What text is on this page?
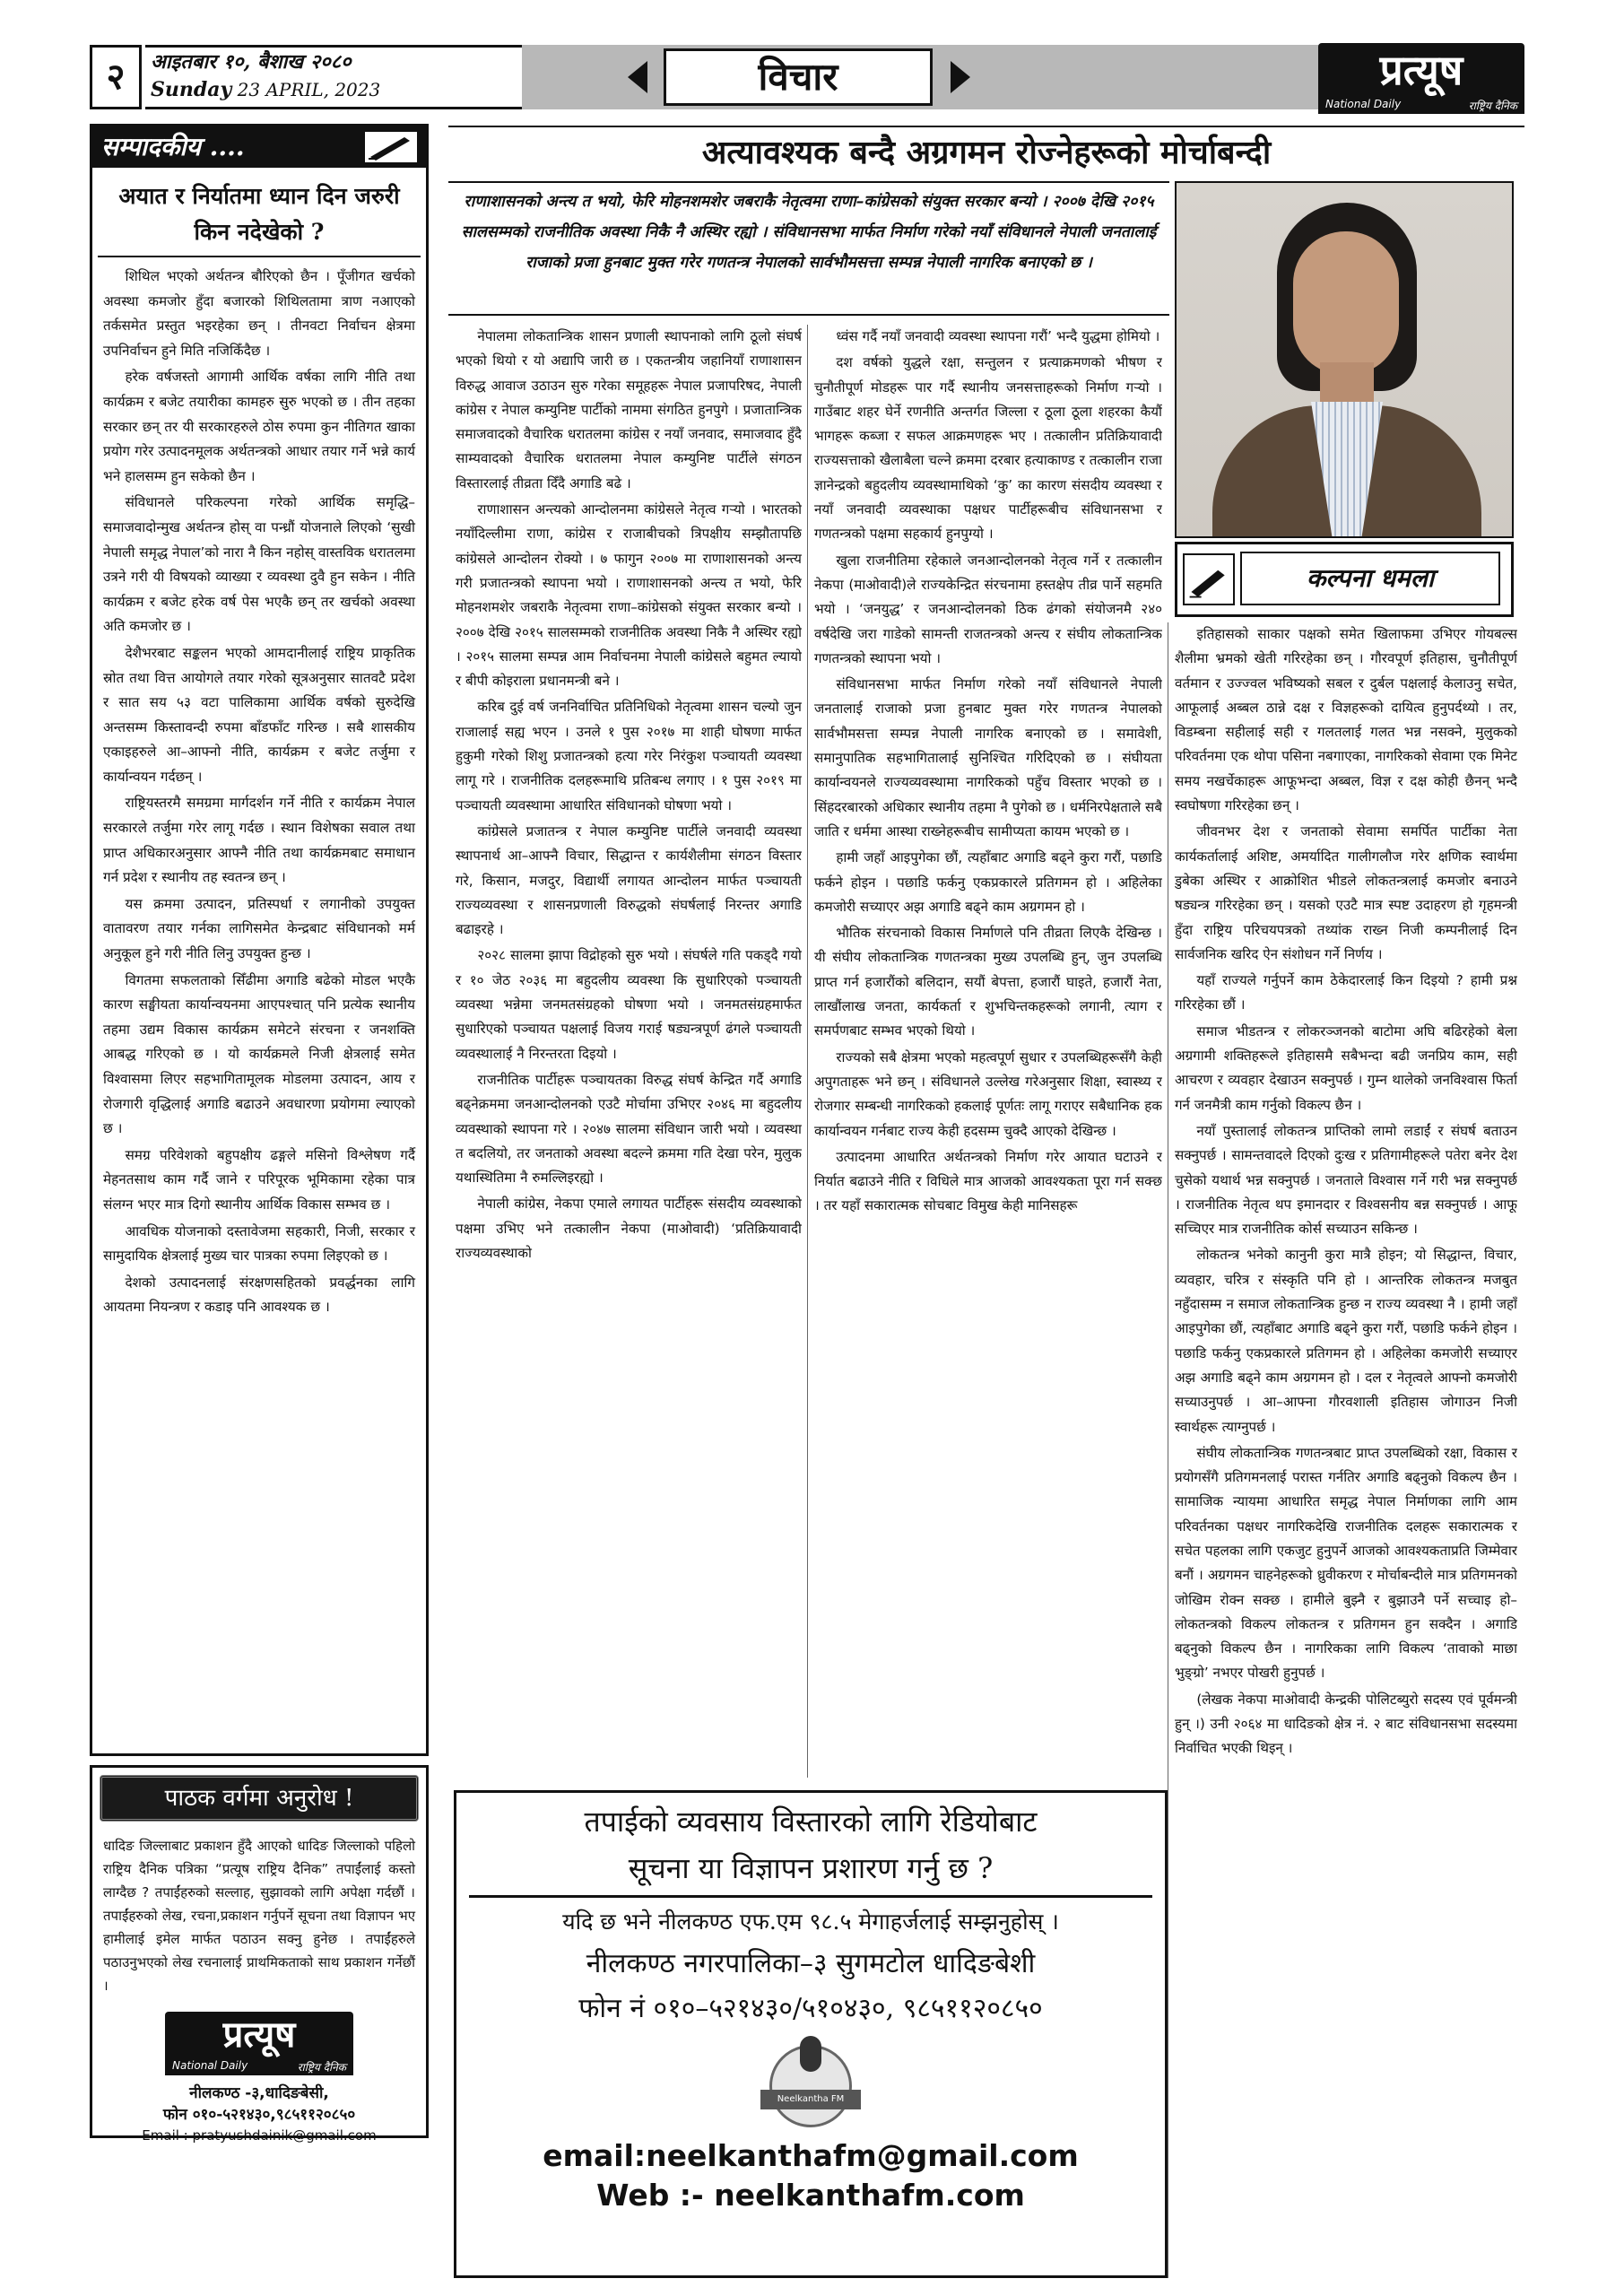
२	आइतबार १०, बैशाख २०८०
Sunday 23 APRIL, 2023	विचार	प्रत्यूष
National Daily	राष्ट्रिय दैनिक
सम्पादकीय ....
अयात र निर्यातमा ध्यान दिन जरुरी किन नदेखेको ?

शिथिल भएको अर्थतन्त्र बौरिएको छैन । पूँजीगत खर्चको अवस्था कमजोर हुँदा बजारको शिथिलतामा त्राण नआएको तर्कसमेत प्रस्तुत भइरहेका छन् । तीनवटा निर्वाचन क्षेत्रमा उपनिर्वाचन हुने मिति नजिकिँदैछ ।

हरेक वर्षजस्तो आगामी आर्थिक वर्षका लागि नीति तथा कार्यक्रम र बजेट तयारीका कामहरु सुरु भएको छ । तीन तहका सरकार छन् तर यी सरकारहरुले ठोस रुपमा कुन नीतिगत खाका प्रयोग गरेर उत्पादनमूलक अर्थतन्त्रको आधार तयार गर्ने भन्ने कार्य भने हालसम्म हुन सकेको छैन ।

संविधानले परिकल्पना गरेको आर्थिक समृद्धि–समाजवादोन्मुख अर्थतन्त्र होस् वा पन्ध्रौं योजनाले लिएको ‘सुखी नेपाली समृद्ध नेपाल’को नारा नै किन नहोस् वास्तविक धरातलमा उत्रने गरी यी विषयको व्याख्या र व्यवस्था दुवै हुन सकेन । नीति कार्यक्रम र बजेट हरेक वर्ष पेस भएकै छन् तर खर्चको अवस्था अति कमजोर छ ।

देशैभरबाट सङ्कलन भएको आमदानीलाई राष्ट्रिय प्राकृतिक स्रोत तथा वित्त आयोगले तयार गरेको सूत्रअनुसार सातवटै प्रदेश र सात सय ५३ वटा पालिकामा आर्थिक वर्षको सुरुदेखि अन्तसम्म किस्तावन्दी रुपमा बाँडफाँट गरिन्छ । सबै शासकीय एकाइहरुले आ–आफ्नो नीति, कार्यक्रम र बजेट तर्जुमा र कार्यान्वयन गर्दछन् ।

राष्ट्रियस्तरमै समग्रमा मार्गदर्शन गर्ने नीति र कार्यक्रम नेपाल सरकारले तर्जुमा गरेर लागू गर्दछ । स्थान विशेषका सवाल तथा प्राप्त अधिकारअनुसार आफ्नै नीति तथा कार्यक्रमबाट समाधान गर्न प्रदेश र स्थानीय तह स्वतन्त्र छन् ।

यस क्रममा उत्पादन, प्रतिस्पर्धा र लगानीको उपयुक्त वातावरण तयार गर्नका लागिसमेत केन्द्रबाट संविधानको मर्म अनुकूल हुने गरी नीति लिनु उपयुक्त हुन्छ ।

विगतमा सफलताको सिँढीमा अगाडि बढेको मोडल भएकै कारण सङ्घीयता कार्यान्वयनमा आएपश्चात् पनि प्रत्येक स्थानीय तहमा उद्यम विकास कार्यक्रम समेटने संरचना र जनशक्ति आबद्ध गरिएको छ । यो कार्यक्रमले निजी क्षेत्रलाई समेत विश्वासमा लिएर सहभागितामूलक मोडलमा उत्पादन, आय र रोजगारी वृद्धिलाई अगाडि बढाउने अवधारणा प्रयोगमा ल्याएको छ ।

समग्र परिवेशको बहुपक्षीय ढङ्गले मसिनो विश्लेषण गर्दै मेहनतसाथ काम गर्दै जाने र परिपूरक भूमिकामा रहेका पात्र संलग्न भएर मात्र दिगो स्थानीय आर्थिक विकास सम्भव छ ।

आवधिक योजनाको दस्तावेजमा सहकारी, निजी, सरकार र सामुदायिक क्षेत्रलाई मुख्य चार पात्रका रुपमा लिइएको छ ।

देशको उत्पादनलाई संरक्षणसहितको प्रवर्द्धनका लागि आयतमा नियन्त्रण र कडाइ पनि आवश्यक छ ।

पाठक वर्गमा अनुरोध !
धादिङ जिल्लाबाट प्रकाशन हुँदै आएको धादिङ जिल्लाको पहिलो राष्ट्रिय दैनिक पत्रिका “प्रत्यूष राष्ट्रिय दैनिक” तपाईंलाई कस्तो लाग्दैछ ? तपाईंहरुको सल्लाह, सुझावको लागि अपेक्षा गर्दछौं । तपाईंहरुको लेख, रचना,प्रकाशन गर्नुपर्ने सूचना तथा विज्ञापन भए हामीलाई इमेल मार्फत पठाउन सक्नु हुनेछ । तपाईंहरुले पठाउनुभएको लेख रचनालाई प्राथमिकताको साथ प्रकाशन गर्नेछौं ।
प्रत्यूष
National Daily	राष्ट्रिय दैनिक
नीलकण्ठ -३,धादिङबेसी,
फोन ०१०-५२१४३०,९८५११२०८५०
Email : pratyushdainik@gmail.com
अत्यावश्यक बन्दै अग्रगमन रोज्नेहरूको मोर्चाबन्दी
राणाशासनको अन्त्य त भयो, फेरि मोहनशमशेर जबराकै नेतृत्वमा राणा–कांग्रेसको संयुक्त सरकार बन्यो । २००७ देखि २०१५ सालसम्मको राजनीतिक अवस्था निकै नै अस्थिर रह्यो । संविधानसभा मार्फत निर्माण गरेको नयाँ संविधानले नेपाली जनतालाई राजाको प्रजा हुनबाट मुक्त गरेर गणतन्त्र नेपालको सार्वभौमसत्ता सम्पन्न नेपाली नागरिक बनाएको छ ।
कल्पना धमला

नेपालमा लोकतान्त्रिक शासन प्रणाली स्थापनाको लागि ठूलो संघर्ष भएको थियो र यो अद्यापि जारी छ । एकतन्त्रीय जहानियाँ राणाशासन विरुद्ध आवाज उठाउन सुरु गरेका समूहहरू नेपाल प्रजापरिषद, नेपाली कांग्रेस र नेपाल कम्युनिष्ट पार्टीको नाममा संगठित हुनपुगे । प्रजातान्त्रिक समाजवादको वैचारिक धरातलमा कांग्रेस र नयाँ जनवाद, समाजवाद हुँदै साम्यवादको वैचारिक धरातलमा नेपाल कम्युनिष्ट पार्टीले संगठन विस्तारलाई तीव्रता दिँदै अगाडि बढे ।

राणाशासन अन्त्यको आन्दोलनमा कांग्रेसले नेतृत्व गर्‍यो । भारतको नयाँदिल्लीमा राणा, कांग्रेस र राजाबीचको त्रिपक्षीय सम्झौतापछि कांग्रेसले आन्दोलन रोक्यो । ७ फागुन २००७ मा राणाशासनको अन्त्य गरी प्रजातन्त्रको स्थापना भयो । राणाशासनको अन्त्य त भयो, फेरि मोहनशमशेर जबराकै नेतृत्वमा राणा–कांग्रेसको संयुक्त सरकार बन्यो । २००७ देखि २०१५ सालसम्मको राजनीतिक अवस्था निकै नै अस्थिर रह्यो । २०१५ सालमा सम्पन्न आम निर्वाचनमा नेपाली कांग्रेसले बहुमत ल्यायो र बीपी कोइराला प्रधानमन्त्री बने ।

करिब दुई वर्ष जननिर्वाचित प्रतिनिधिको नेतृत्वमा शासन चल्यो जुन राजालाई सह्य भएन । उनले १ पुस २०१७ मा शाही घोषणा मार्फत हुकुमी गरेको शिशु प्रजातन्त्रको हत्या गरेर निरंकुश पञ्चायती व्यवस्था लागू गरे । राजनीतिक दलहरूमाथि प्रतिबन्ध लगाए । १ पुस २०१९ मा पञ्चायती व्यवस्थामा आधारित संविधानको घोषणा भयो ।

कांग्रेसले प्रजातन्त्र र नेपाल कम्युनिष्ट पार्टीले जनवादी व्यवस्था स्थापनार्थ आ–आफ्नै विचार, सिद्धान्त र कार्यशैलीमा संगठन विस्तार गरे, किसान, मजदुर, विद्यार्थी लगायत आन्दोलन मार्फत पञ्चायती राज्यव्यवस्था र शासनप्रणाली विरुद्धको संघर्षलाई निरन्तर अगाडि बढाइरहे ।

२०२८ सालमा झापा विद्रोहको सुरु भयो । संघर्षले गति पकड्दै गयो र १० जेठ २०३६ मा बहुदलीय व्यवस्था कि सुधारिएको पञ्चायती व्यवस्था भन्नेमा जनमतसंग्रहको घोषणा भयो । जनमतसंग्रहमार्फत सुधारिएको पञ्चायत पक्षलाई विजय गराई षड्यन्त्रपूर्ण ढंगले पञ्चायती व्यवस्थालाई नै निरन्तरता दिइयो ।

राजनीतिक पार्टीहरू पञ्चायतका विरुद्ध संघर्ष केन्द्रित गर्दै अगाडि बढ्नेक्रममा जनआन्दोलनको एउटै मोर्चामा उभिएर २०४६ मा बहुदलीय व्यवस्थाको स्थापना गरे । २०४७ सालमा संविधान जारी भयो । व्यवस्था त बदलियो, तर जनताको अवस्था बदल्ने क्रममा गति देखा परेन, मुलुक यथास्थितिमा नै रुमल्लिइरह्यो ।

नेपाली कांग्रेस, नेकपा एमाले लगायत पार्टीहरू संसदीय व्यवस्थाको पक्षमा उभिए भने तत्कालीन नेकपा (माओवादी) ‘प्रतिक्रियावादी राज्यव्यवस्थाको

ध्वंस गर्दै नयाँ जनवादी व्यवस्था स्थापना गरौं’ भन्दै युद्धमा होमियो ।

दश वर्षको युद्धले रक्षा, सन्तुलन र प्रत्याक्रमणको भीषण र चुनौतीपूर्ण मोडहरू पार गर्दै स्थानीय जनसत्ताहरूको निर्माण गर्‍यो । गाउँबाट शहर घेर्ने रणनीति अन्तर्गत जिल्ला र ठूला ठूला शहरका कैयौं भागहरू कब्जा र सफल आक्रमणहरू भए । तत्कालीन प्रतिक्रियावादी राज्यसत्ताको खैलाबैला चल्ने क्रममा दरबार हत्याकाण्ड र तत्कालीन राजा ज्ञानेन्द्रको बहुदलीय व्यवस्थामाथिको ‘कु’ का कारण संसदीय व्यवस्था र नयाँ जनवादी व्यवस्थाका पक्षधर पार्टीहरूबीच संविधानसभा र गणतन्त्रको पक्षमा सहकार्य हुनपुग्यो ।

खुला राजनीतिमा रहेकाले जनआन्दोलनको नेतृत्व गर्ने र तत्कालीन नेकपा (माओवादी)ले राज्यकेन्द्रित संरचनामा हस्तक्षेप तीव्र पार्ने सहमति भयो । ‘जनयुद्ध’ र जनआन्दोलनको ठिक ढंगको संयोजनमै २४० वर्षदेखि जरा गाडेको सामन्ती राजतन्त्रको अन्त्य र संघीय लोकतान्त्रिक गणतन्त्रको स्थापना भयो ।

संविधानसभा मार्फत निर्माण गरेको नयाँ संविधानले नेपाली जनतालाई राजाको प्रजा हुनबाट मुक्त गरेर गणतन्त्र नेपालको सार्वभौमसत्ता सम्पन्न नेपाली नागरिक बनाएको छ । समावेशी, समानुपातिक सहभागितालाई सुनिश्चित गरिदिएको छ । संघीयता कार्यान्वयनले राज्यव्यवस्थामा नागरिकको पहुँच विस्तार भएको छ । सिंहदरबारको अधिकार स्थानीय तहमा नै पुगेको छ । धर्मनिरपेक्षताले सबै जाति र धर्ममा आस्था राख्नेहरूबीच सामीप्यता कायम भएको छ ।

हामी जहाँ आइपुगेका छौं, त्यहाँबाट अगाडि बढ्ने कुरा गरौं, पछाडि फर्कने होइन । पछाडि फर्कनु एकप्रकारले प्रतिगमन हो । अहिलेका कमजोरी सच्याएर अझ अगाडि बढ्ने काम अग्रगमन हो ।

भौतिक संरचनाको विकास निर्माणले पनि तीव्रता लिएकै देखिन्छ । यी संघीय लोकतान्त्रिक गणतन्त्रका मुख्य उपलब्धि हुन्, जुन उपलब्धि प्राप्त गर्न हजारौंको बलिदान, सयौं बेपत्ता, हजारौं घाइते, हजारौं नेता, लाखौंलाख जनता, कार्यकर्ता र शुभचिन्तकहरूको लगानी, त्याग र समर्पणबाट सम्भव भएको थियो ।

राज्यको सबै क्षेत्रमा भएको महत्वपूर्ण सुधार र उपलब्धिहरूसँगै केही अपुगताहरू भने छन् । संविधानले उल्लेख गरेअनुसार शिक्षा, स्वास्थ्य र रोजगार सम्बन्धी नागरिकको हकलाई पूर्णतः लागू गराएर सबैधानिक हक कार्यान्वयन गर्नबाट राज्य केही हदसम्म चुक्दै आएको देखिन्छ ।

उत्पादनमा आधारित अर्थतन्त्रको निर्माण गरेर आयात घटाउने र निर्यात बढाउने नीति र विधिले मात्र आजको आवश्यकता पूरा गर्न सक्छ । तर यहाँ सकारात्मक सोचबाट विमुख केही मानिसहरू

इतिहासको साकार पक्षको समेत खिलाफमा उभिएर गोयबल्स शैलीमा भ्रमको खेती गरिरहेका छन् । गौरवपूर्ण इतिहास, चुनौतीपूर्ण वर्तमान र उज्ज्वल भविष्यको सबल र दुर्बल पक्षलाई केलाउनु सचेत, आफूलाई अब्बल ठान्ने दक्ष र विज्ञहरूको दायित्व हुनुपर्दथ्यो । तर, विडम्बना सहीलाई सही र गलतलाई गलत भन्न नसक्ने, मुलुकको परिवर्तनमा एक थोपा पसिना नबगाएका, नागरिकको सेवामा एक मिनेट समय नखर्चेकाहरू आफूभन्दा अब्बल, विज्ञ र दक्ष कोही छैनन् भन्दै स्वघोषणा गरिरहेका छन् ।

जीवनभर देश र जनताको सेवामा समर्पित पार्टीका नेता कार्यकर्तालाई अशिष्ट, अमर्यादित गालीगलौज गरेर क्षणिक स्वार्थमा डुबेका अस्थिर र आक्रोशित भीडले लोकतन्त्रलाई कमजोर बनाउने षड्यन्त्र गरिरहेका छन् । यसको एउटै मात्र स्पष्ट उदाहरण हो गृहमन्त्री हुँदा राष्ट्रिय परिचयपत्रको तथ्यांक राख्न निजी कम्पनीलाई दिन सार्वजनिक खरिद ऐन संशोधन गर्ने निर्णय ।

यहाँ राज्यले गर्नुपर्ने काम ठेकेदारलाई किन दिइयो ? हामी प्रश्न गरिरहेका छौं ।

समाज भीडतन्त्र र लोकरञ्जनको बाटोमा अघि बढिरहेको बेला अग्रगामी शक्तिहरूले इतिहासमै सबैभन्दा बढी जनप्रिय काम, सही आचरण र व्यवहार देखाउन सक्नुपर्छ । गुम्न थालेको जनविश्वास फिर्ता गर्न जनमैत्री काम गर्नुको विकल्प छैन ।

नयाँ पुस्तालाई लोकतन्त्र प्राप्तिको लामो लडाईं र संघर्ष बताउन सक्नुपर्छ । सामन्तवादले दिएको दुःख र प्रतिगामीहरूले पतेरा बनेर देश चुसेको यथार्थ भन्न सक्नुपर्छ । जनताले विश्वास गर्ने गरी भन्न सक्नुपर्छ । राजनीतिक नेतृत्व थप इमानदार र विश्वसनीय बन्न सक्नुपर्छ । आफू सच्चिएर मात्र राजनीतिक कोर्स सच्याउन सकिन्छ ।

लोकतन्त्र भनेको कानुनी कुरा मात्रै होइन; यो सिद्धान्त, विचार, व्यवहार, चरित्र र संस्कृति पनि हो । आन्तरिक लोकतन्त्र मजबुत नहुँदासम्म न समाज लोकतान्त्रिक हुन्छ न राज्य व्यवस्था नै । हामी जहाँ आइपुगेका छौं, त्यहाँबाट अगाडि बढ्ने कुरा गरौं, पछाडि फर्कने होइन । पछाडि फर्कनु एकप्रकारले प्रतिगमन हो । अहिलेका कमजोरी सच्याएर अझ अगाडि बढ्ने काम अग्रगमन हो । दल र नेतृत्वले आफ्नो कमजोरी सच्याउनुपर्छ । आ–आफ्ना गौरवशाली इतिहास जोगाउन निजी स्वार्थहरू त्याग्नुपर्छ ।

संघीय लोकतान्त्रिक गणतन्त्रबाट प्राप्त उपलब्धिको रक्षा, विकास र प्रयोगसँगै प्रतिगमनलाई परास्त गर्नतिर अगाडि बढ्नुको विकल्प छैन । सामाजिक न्यायमा आधारित समृद्ध नेपाल निर्माणका लागि आम परिवर्तनका पक्षधर नागरिकदेखि राजनीतिक दलहरू सकारात्मक र सचेत पहलका लागि एकजुट हुनुपर्ने आजको आवश्यकताप्रति जिम्मेवार बनौं । अग्रगमन चाहनेहरूको ध्रुवीकरण र मोर्चाबन्दीले मात्र प्रतिगमनको जोखिम रोक्न सक्छ । हामीले बुझ्नै र बुझाउनै पर्ने सच्चाइ हो– लोकतन्त्रको विकल्प लोकतन्त्र र प्रतिगमन हुन सक्दैन । अगाडि बढ्नुको विकल्प छैन । नागरिकका लागि विकल्प ‘तावाको माछा भुङ्ग्रो’ नभएर पोखरी हुनुपर्छ ।

(लेखक नेकपा माओवादी केन्द्रकी पोलिटब्युरो सदस्य एवं पूर्वमन्त्री हुन् ।) उनी २०६४ मा धादिङको क्षेत्र नं. २ बाट संविधानसभा सदस्यमा निर्वाचित भएकी थिइन् ।

तपाईको व्यवसाय विस्तारको लागि रेडियोबाट
सूचना या विज्ञापन प्रशारण गर्नु छ ?
यदि छ भने नीलकण्ठ एफ.एम ९८.५ मेगाहर्जलाई सम्झनुहोस् ।
नीलकण्ठ नगरपालिका–३ सुगमटोल धादिङबेशी
फोन नं ०१०–५२१४३०/५१०४३०, ९८५११२०८५०
Neelkantha FM
email:neelkanthafm@gmail.com
Web :- neelkanthafm.com
